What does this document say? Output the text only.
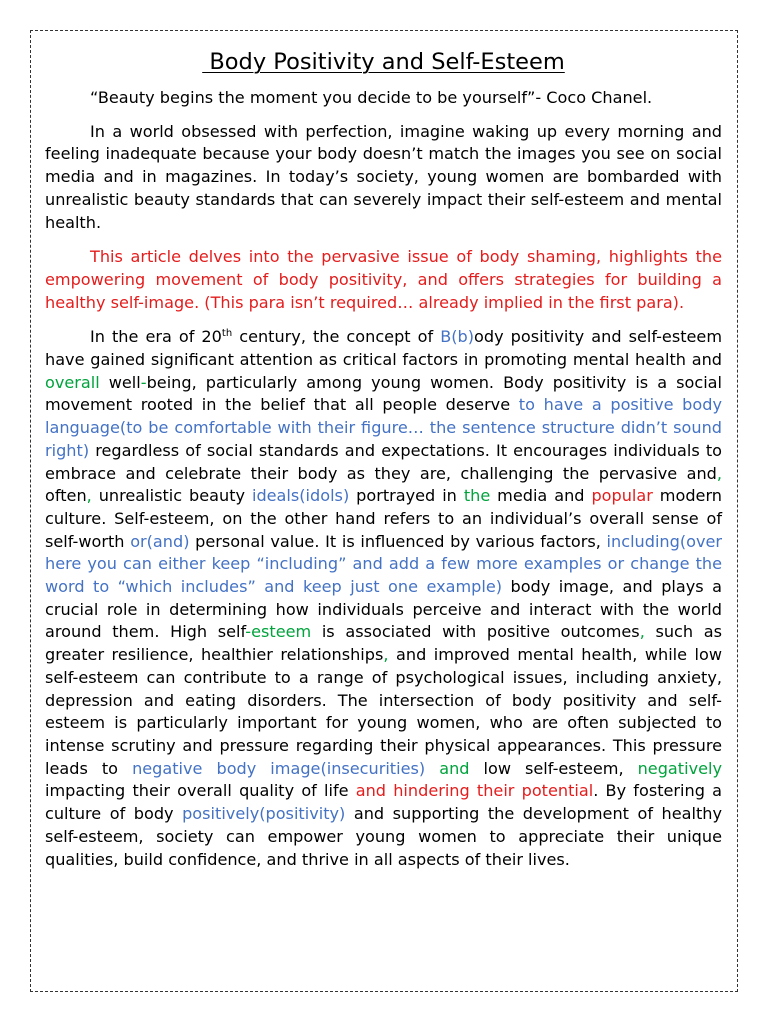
Body Positivity and Self-Esteem

“Beauty begins the moment you decide to be yourself”- Coco Chanel.

In a world obsessed with perfection, imagine waking up every morning and feeling inadequate because your body doesn’t match the images you see on social media and in magazines. In today’s society, young women are bombarded with unrealistic beauty standards that can severely impact their self-esteem and mental health.

This article delves into the pervasive issue of body shaming, highlights the empowering movement of body positivity, and offers strategies for building a healthy self-image. (This para isn’t required… already implied in the first para).

In the era of 20th century, the concept of B(b)ody positivity and self-esteem have gained significant attention as critical factors in promoting mental health and overall well-being, particularly among young women. Body positivity is a social movement rooted in the belief that all people deserve to have a positive body language(to be comfortable with their figure… the sentence structure didn’t sound right) regardless of social standards and expectations. It encourages individuals to embrace and celebrate their body as they are, challenging the pervasive and, often, unrealistic beauty ideals(idols) portrayed in the media and popular modern culture. Self-esteem, on the other hand refers to an individual’s overall sense of self-worth or(and) personal value. It is influenced by various factors, including(over here you can either keep “including” and add a few more examples or change the word to “which includes” and keep just one example) body image, and plays a crucial role in determining how individuals perceive and interact with the world around them. High self-esteem is associated with positive outcomes, such as greater resilience, healthier relationships, and improved mental health, while low self-esteem can contribute to a range of psychological issues, including anxiety, depression and eating disorders. The intersection of body positivity and self-esteem is particularly important for young women, who are often subjected to intense scrutiny and pressure regarding their physical appearances. This pressure leads to negative body image(insecurities) and low self-esteem, negatively impacting their overall quality of life and hindering their potential. By fostering a culture of body positively(positivity) and supporting the development of healthy self-esteem, society can empower young women to appreciate their unique qualities, build confidence, and thrive in all aspects of their lives.
